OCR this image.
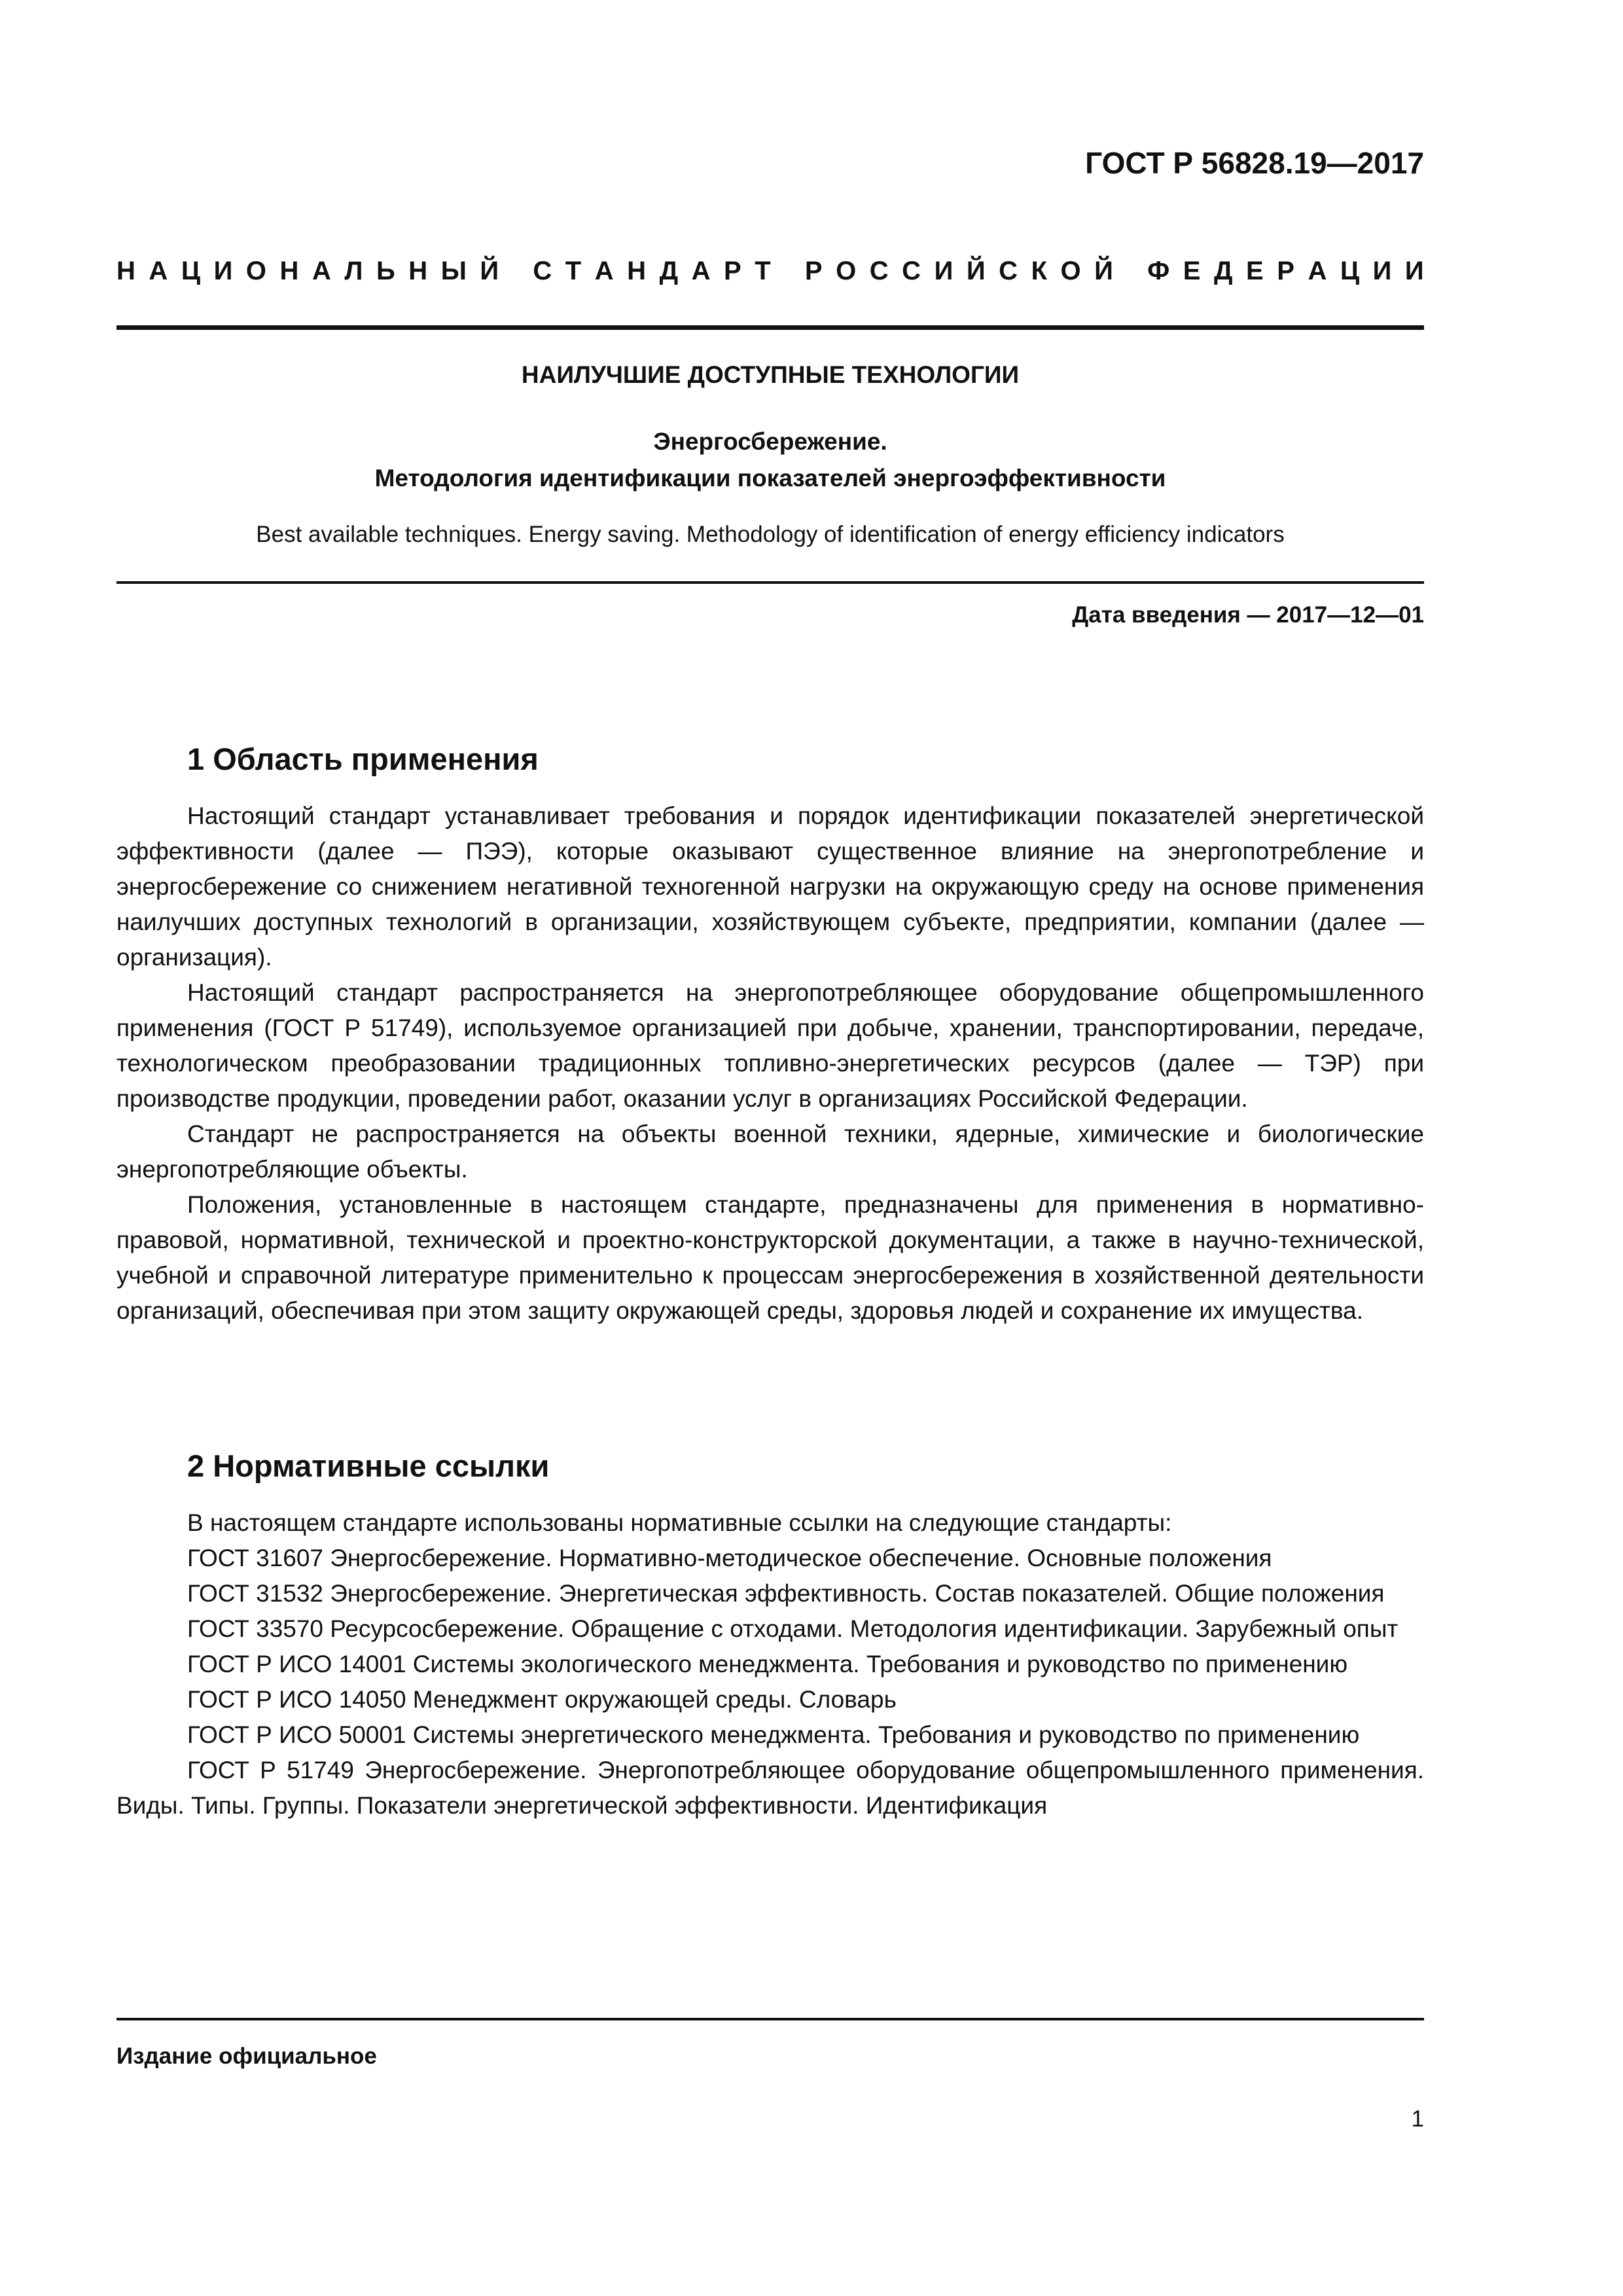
ГОСТ Р 56828.19—2017
Н А Ц И О Н А Л Ь Н Ы Й
С Т А Н Д А Р Т
Р О С С И Й С К О Й
Ф Е Д Е Р А Ц И И
НАИЛУЧШИЕ ДОСТУПНЫЕ ТЕХНОЛОГИИ
Энергосбережение.
Методология идентификации показателей энергоэффективности
Best available techniques. Energy saving. Methodology of identification of energy efficiency indicators
Дата введения — 2017—12—01
1 Область применения

Настоящий стандарт устанавливает требования и порядок идентификации показателей энергетической эффективности (далее — ПЭЭ), которые оказывают существенное влияние на энергопотребление и энергосбережение со снижением негативной техногенной нагрузки на окружающую среду на основе применения наилучших доступных технологий в организации, хозяйствующем субъекте, предприятии, компании (далее — организация).

Настоящий стандарт распространяется на энергопотребляющее оборудование общепромышленного применения (ГОСТ Р 51749), используемое организацией при добыче, хранении, транспортировании, передаче, технологическом преобразовании традиционных топливно-энергетических ресурсов (далее — ТЭР) при производстве продукции, проведении работ, оказании услуг в организациях Российской Федерации.

Стандарт не распространяется на объекты военной техники, ядерные, химические и биологические энергопотребляющие объекты.

Положения, установленные в настоящем стандарте, предназначены для применения в нормативно-правовой, нормативной, технической и проектно-конструкторской документации, а также в научно-технической, учебной и справочной литературе применительно к процессам энергосбережения в хозяйственной деятельности организаций, обеспечивая при этом защиту окружающей среды, здоровья людей и сохранение их имущества.

2 Нормативные ссылки

В настоящем стандарте использованы нормативные ссылки на следующие стандарты:

ГОСТ 31607 Энергосбережение. Нормативно-методическое обеспечение. Основные положения

ГОСТ 31532 Энергосбережение. Энергетическая эффективность. Состав показателей. Общие положения

ГОСТ 33570 Ресурсосбережение. Обращение с отходами. Методология идентификации. Зарубежный опыт

ГОСТ Р ИСО 14001 Системы экологического менеджмента. Требования и руководство по применению

ГОСТ Р ИСО 14050 Менеджмент окружающей среды. Словарь

ГОСТ Р ИСО 50001 Системы энергетического менеджмента. Требования и руководство по применению

ГОСТ Р 51749 Энергосбережение. Энергопотребляющее оборудование общепромышленного применения. Виды. Типы. Группы. Показатели энергетической эффективности. Идентификация

Издание официальное
1
